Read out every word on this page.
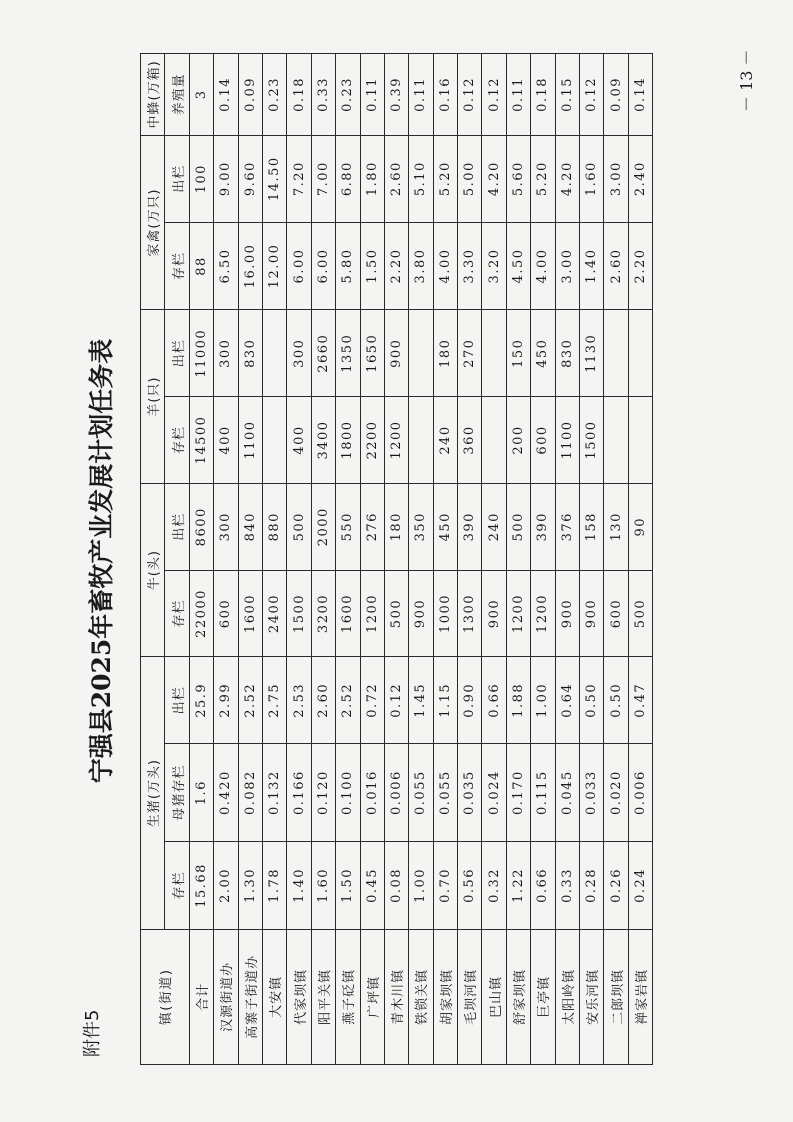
附件5
宁强县2025年畜牧产业发展计划任务表
镇(街道)	生猪(万头)			牛(头)		羊(只)		家禽(万只)		中蜂(万箱)
	存栏	母猪存栏	出栏	存栏	出栏	存栏	出栏	存栏	出栏	养殖量
合计	15.68	1.6	25.9	22000	8600	14500	11000	88	100	3
汉源街道办	2.00	0.420	2.99	600	300	400	300	6.50	9.00	0.14
高寨子街道办	1.30	0.082	2.52	1600	840	1100	830	16.00	9.60	0.09
大安镇	1.78	0.132	2.75	2400	880			12.00	14.50	0.23
代家坝镇	1.40	0.166	2.53	1500	500	400	300	6.00	7.20	0.18
阳平关镇	1.60	0.120	2.60	3200	2000	3400	2660	6.00	7.00	0.33
燕子砭镇	1.50	0.100	2.52	1600	550	1800	1350	5.80	6.80	0.23
广坪镇	0.45	0.016	0.72	1200	276	2200	1650	1.50	1.80	0.11
青木川镇	0.08	0.006	0.12	500	180	1200	900	2.20	2.60	0.39
铁锁关镇	1.00	0.055	1.45	900	350			3.80	5.10	0.11
胡家坝镇	0.70	0.055	1.15	1000	450	240	180	4.00	5.20	0.16
毛坝河镇	0.56	0.035	0.90	1300	390	360	270	3.30	5.00	0.12
巴山镇	0.32	0.024	0.66	900	240			3.20	4.20	0.12
舒家坝镇	1.22	0.170	1.88	1200	500	200	150	4.50	5.60	0.11
巨亭镇	0.66	0.115	1.00	1200	390	600	450	4.00	5.20	0.18
太阳岭镇	0.33	0.045	0.64	900	376	1100	830	3.00	4.20	0.15
安乐河镇	0.28	0.033	0.50	900	158	1500	1130	1.40	1.60	0.12
二郎坝镇	0.26	0.020	0.50	600	130			2.60	3.00	0.09
禅家岩镇	0.24	0.006	0.47	500	90			2.20	2.40	0.14	－ 13 －
